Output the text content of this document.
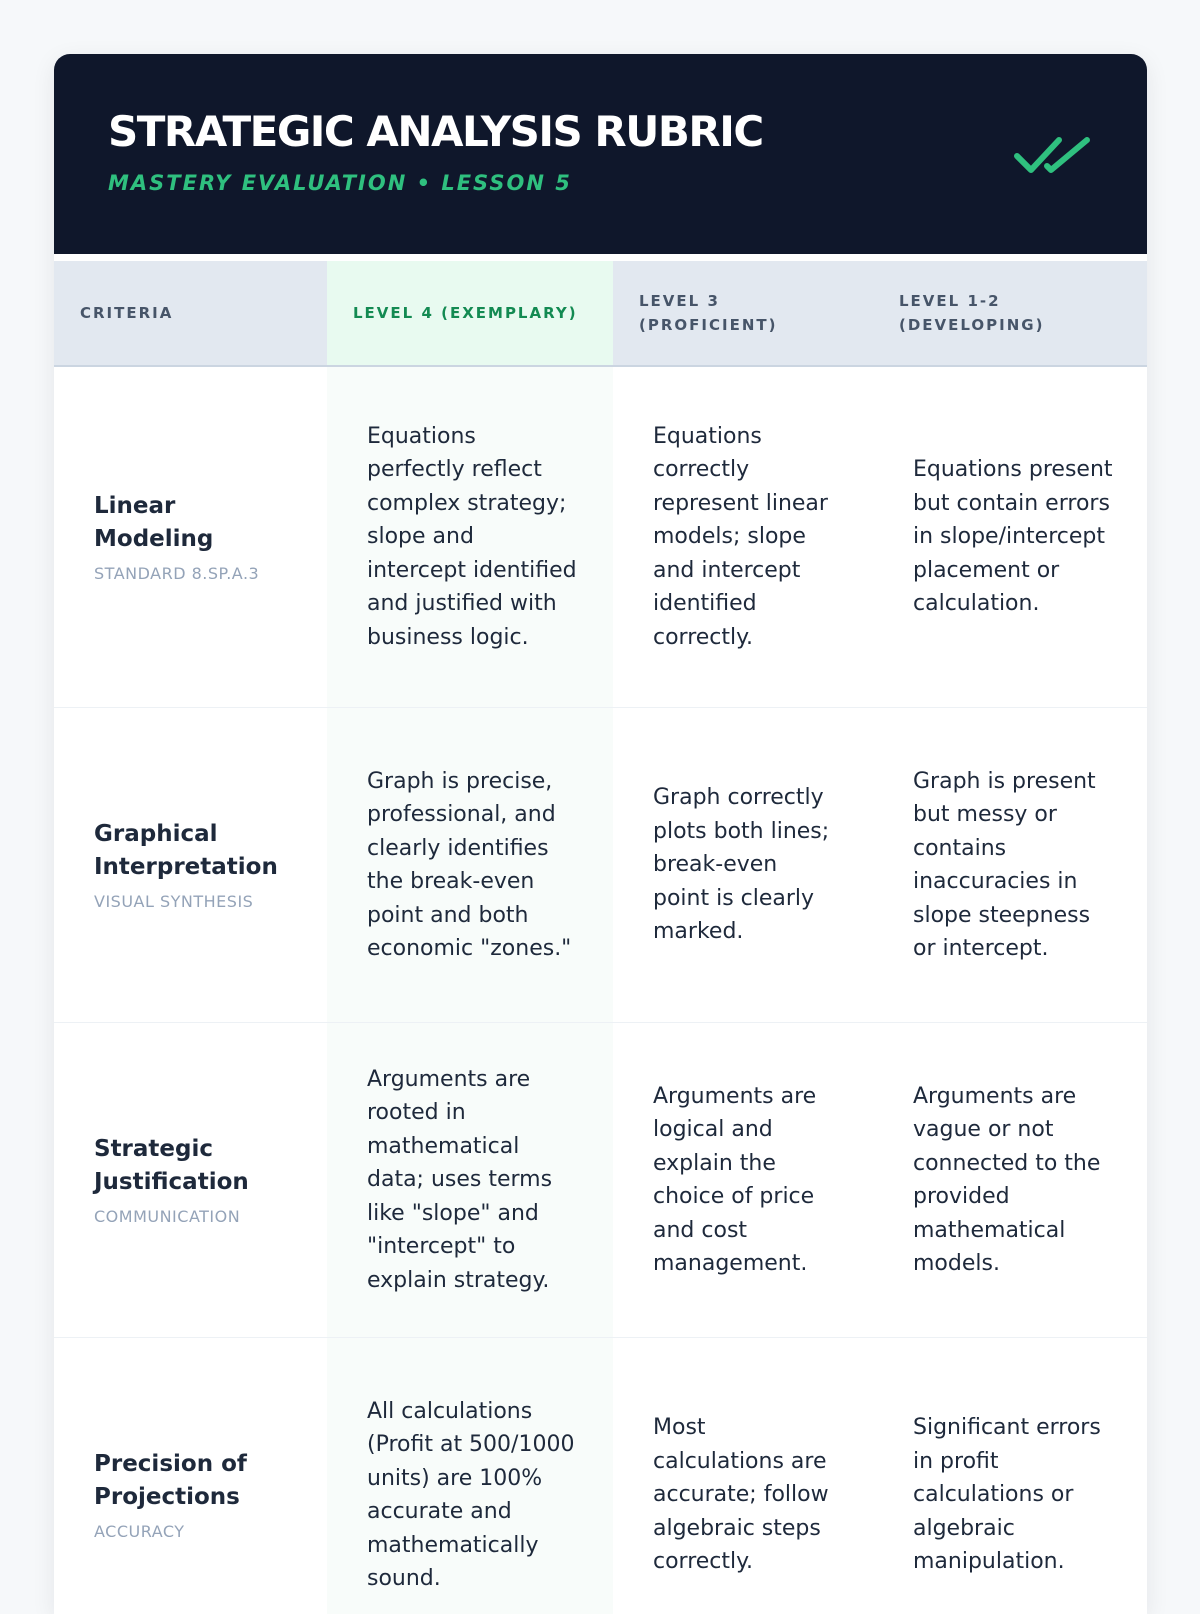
STRATEGIC ANALYSIS RUBRIC
MASTERY EVALUATION • LESSON 5
CRITERIA	LEVEL 4 (EXEMPLARY)	LEVEL 3 (PROFICIENT)	LEVEL 1-2 (DEVELOPING)

Linear Modeling
STANDARD 8.SP.A.3	Equations perfectly reflect complex strategy; slope and intercept identified and justified with business logic.	Equations correctly represent linear models; slope and intercept identified correctly.	Equations present but contain errors in slope/intercept placement or calculation.

Graphical Interpretation
VISUAL SYNTHESIS	Graph is precise, professional, and clearly identifies the break-even point and both economic "zones."	Graph correctly plots both lines; break-even point is clearly marked.	Graph is present but messy or contains inaccuracies in slope steepness or intercept.

Strategic Justification
COMMUNICATION	Arguments are rooted in mathematical data; uses terms like "slope" and "intercept" to explain strategy.	Arguments are logical and explain the choice of price and cost management.	Arguments are vague or not connected to the provided mathematical models.

Precision of Projections
ACCURACY	All calculations (Profit at 500/1000 units) are 100% accurate and mathematically sound.	Most calculations are accurate; follow algebraic steps correctly.	Significant errors in profit calculations or algebraic manipulation.
